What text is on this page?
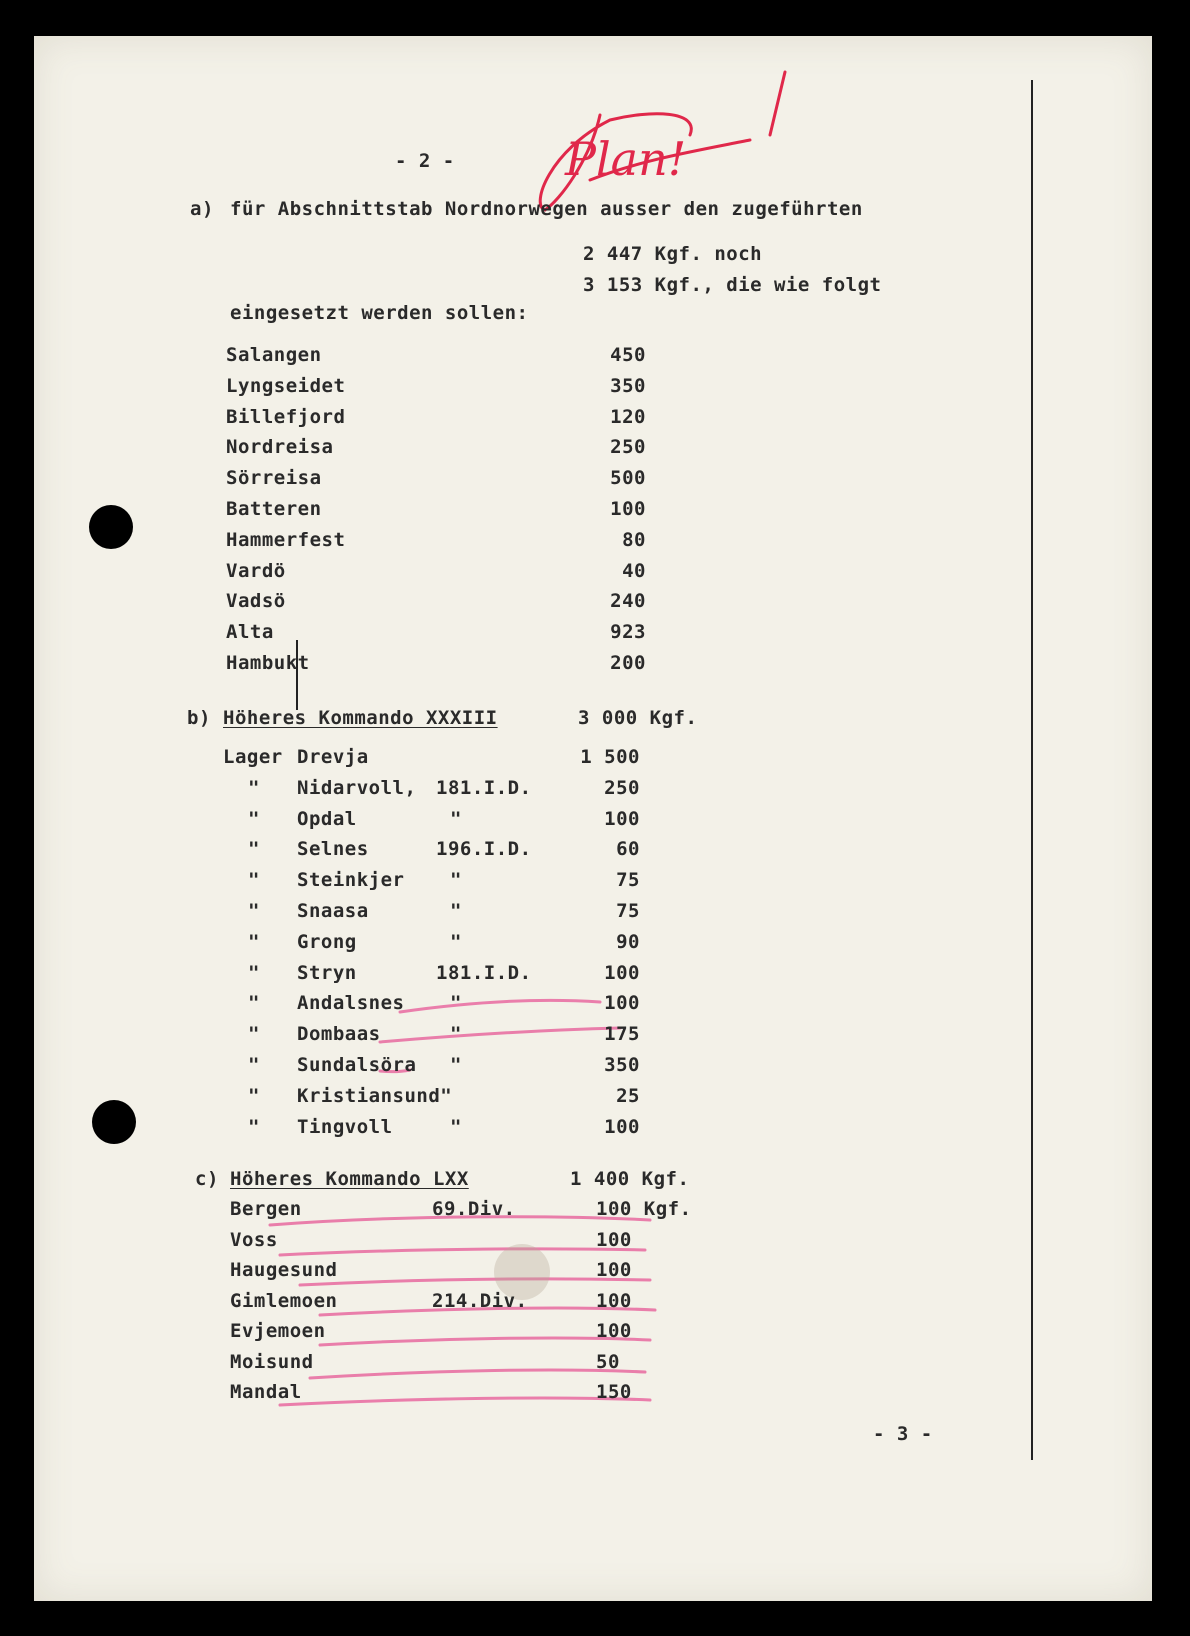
Plan!
- 2 -
a) für Abschnittstab Nordnorwegen ausser den zugeführten
2 447 Kgf. noch
3 153 Kgf., die wie folgt
eingesetzt werden sollen:
Salangen	450
Lyngseidet	350
Billefjord	120
Nordreisa	250
Sörreisa	500
Batteren	100
Hammerfest	80
Vardö	40
Vadsö	240
Alta	923
Hambukt	200
b) Höheres Kommando XXXIII	3 000 Kgf.
Lager Drevja	1 500
" Nidarvoll, 181.I.D.	250
" Opdal	"	100
" Selnes	196.I.D.	60
" Steinkjer "	75
" Snaasa	"	75
" Grong	"	90
" Stryn	181.I.D.	100
" Andalsnes "	100
" Dombaas	"	175
" Sundalsöra "	350
" Kristiansund"	25
" Tingvoll	"	100
c) Höheres Kommando LXX	1 400 Kgf.
Bergen	69.Div.	100 Kgf.
Voss	100
Haugesund	100
Gimlemoen	214.Div.	100
Evjemoen	100
Moisund	50
Mandal	150
- 3 -
